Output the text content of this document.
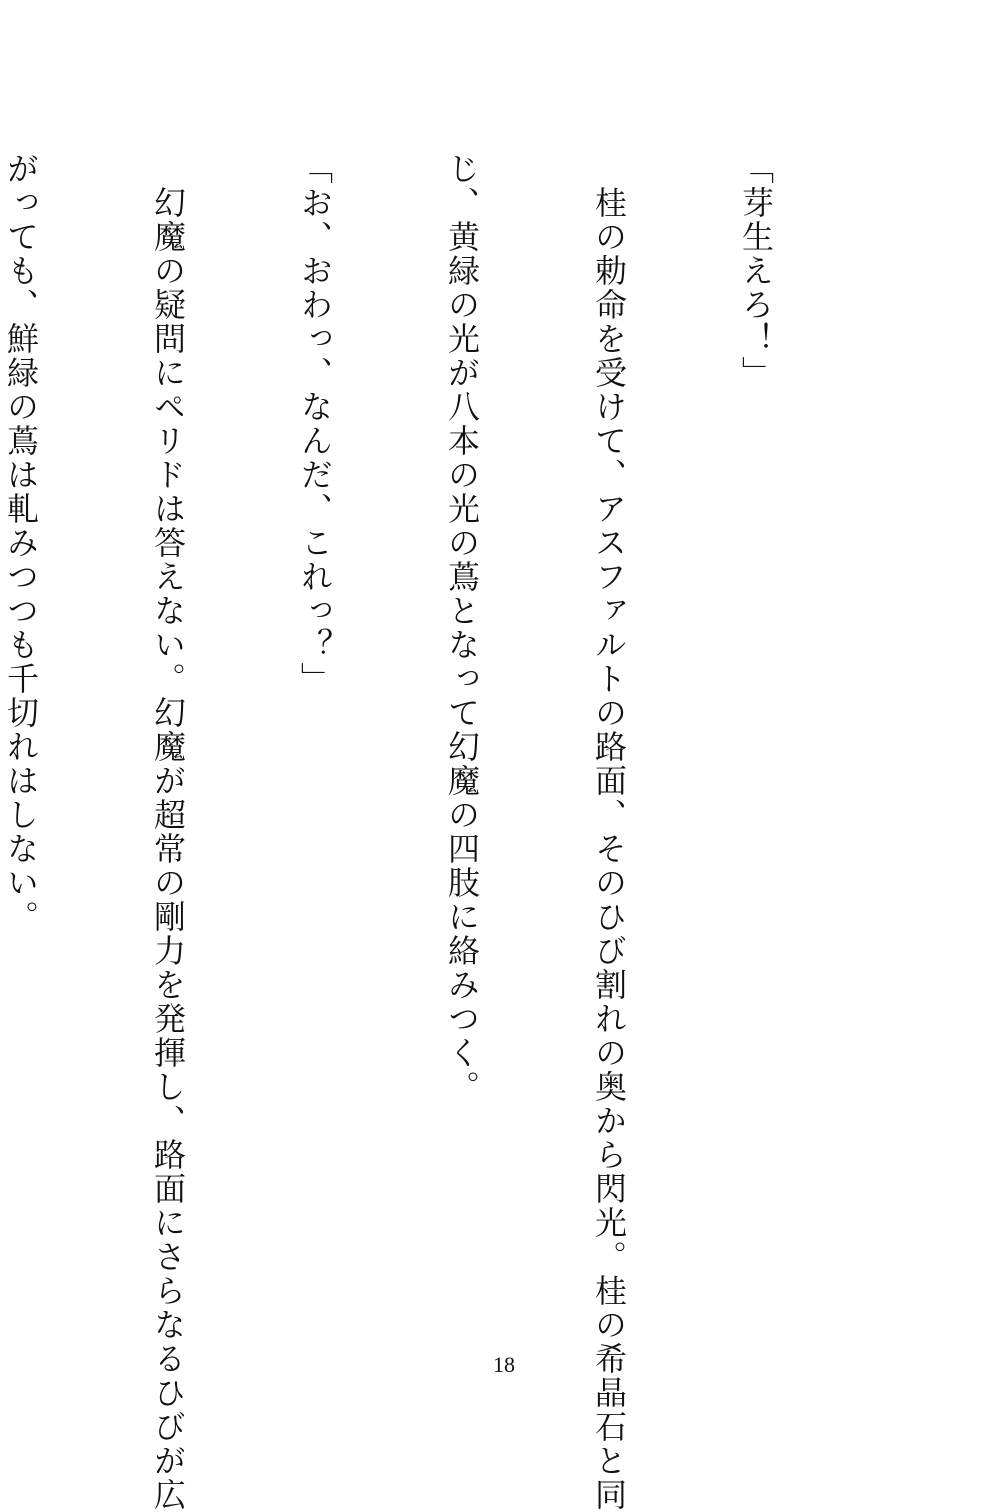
「芽生えろ！」

　桂の勅命を受けて、アスファルトの路面、そのひび割れの奥から閃光。桂の希晶石と同

じ、黄緑の光が八本の光の蔦となって幻魔の四肢に絡みつく。

「お、おわっ、なんだ、これっ？」

　幻魔の疑問にペリドは答えない。幻魔が超常の剛力を発揮し、路面にさらなるひびが広

がっても、鮮緑の蔦は軋みつつも千切れはしない。

18
